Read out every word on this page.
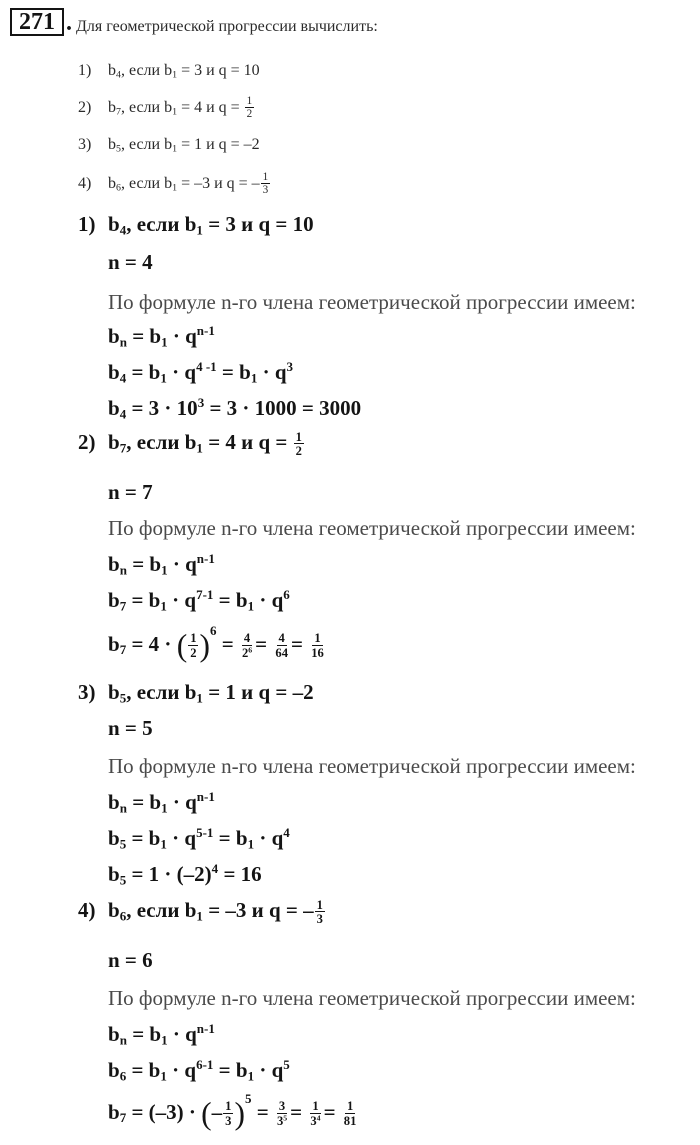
271 . Для геометрической прогрессии вычислить:
1) $b_4$, если $b_1 = 3$ и q = 10
2) $b_7$, если $b_1 = 4$ и $q = \frac{1}{2}$
3) $b_5$, если $b_1 = 1$ и q = –2
4) $b_6$, если $b_1 = -3$ и q = – $\frac{1}{3}$
1) $b_4$, если $b_1 = 3$ и q = 10
n = 4
По формуле n-го члена геометрической прогрессии имеем:
$b_n = b_1 \cdot q^{n-1}$
$b_4 = b_1 \cdot q^{4 -1} = b_1 \cdot q^3$
$b_4 = 3 \cdot 10^3 = 3 \cdot 1000 = 3000$
2) $b_7$, если $b_1 = 4$ и $q = \frac{1}{2}$
n = 7
По формуле n-го члена геометрической прогрессии имеем:
$b_n = b_1 \cdot q^{n-1}$
$b_7 = b_1 \cdot q^{7-1} = b_1 \cdot q^6$
$b_7 = 4$ · ( $\frac{1}{2} )^6 = \frac{4}{2^6} = \frac{4}{64} = \frac{1}{16}$
3) $b_5$, если $b_1 = 1$ и q = –2
n = 5
По формуле n-го члена геометрической прогрессии имеем:
$b_n = b_1 \cdot q^{n-1}$
$b_5 = b_1 \cdot q^{5-1} = b_1 \cdot q^4$
$b_5 = 1 \cdot (-2)^4 = 16$
4) $b_6$, если $b_1 = -3$ и q = – $\frac{1}{3}$
n = 6
По формуле n-го члена геометрической прогрессии имеем:
$b_n = b_1 \cdot q^{n-1}$
$b_6 = b_1 \cdot q^{6-1} = b_1 \cdot q^5$
$b_7 = (-3)$ · (– $\frac{1}{3} )^5 = \frac{3}{3^5} = \frac{1}{3^4} = \frac{1}{81}$
